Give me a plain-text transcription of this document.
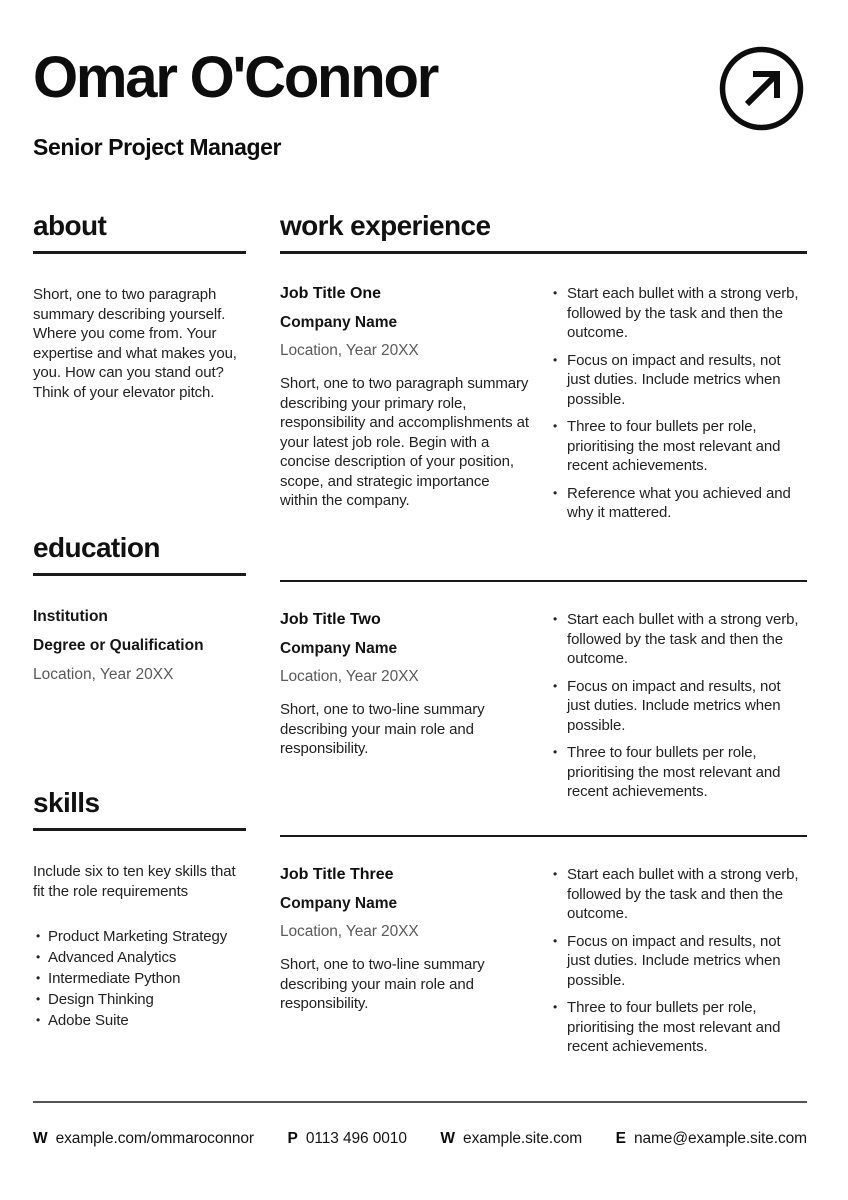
Omar O'Connor
Senior Project Manager
about
Short, one to two paragraph summary describing yourself. Where you come from. Your expertise and what makes you, you. How can you stand out? Think of your elevator pitch.
education
Institution
Degree or Qualification
Location, Year 20XX
skills
Include six to ten key skills that fit the role requirements
• Product Marketing Strategy
• Advanced Analytics
• Intermediate Python
• Design Thinking
• Adobe Suite
work experience
Job Title One
Company Name
Location, Year 20XX
Short, one to two paragraph summary describing your primary role, responsibility and accomplishments at your latest job role. Begin with a concise description of your position, scope, and strategic importance within the company.
• Start each bullet with a strong verb, followed by the task and then the outcome.
• Focus on impact and results, not just duties. Include metrics when possible.
• Three to four bullets per role, prioritising the most relevant and recent achievements.
• Reference what you achieved and why it mattered.
Job Title Two
Company Name
Location, Year 20XX
Short, one to two-line summary describing your main role and responsibility.
• Start each bullet with a strong verb, followed by the task and then the outcome.
• Focus on impact and results, not just duties. Include metrics when possible.
• Three to four bullets per role, prioritising the most relevant and recent achievements.
Job Title Three
Company Name
Location, Year 20XX
Short, one to two-line summary describing your main role and responsibility.
• Start each bullet with a strong verb, followed by the task and then the outcome.
• Focus on impact and results, not just duties. Include metrics when possible.
• Three to four bullets per role, prioritising the most relevant and recent achievements.
W example.com/ommaroconnor P 0113 496 0010 W example.site.com E name@example.site.com
